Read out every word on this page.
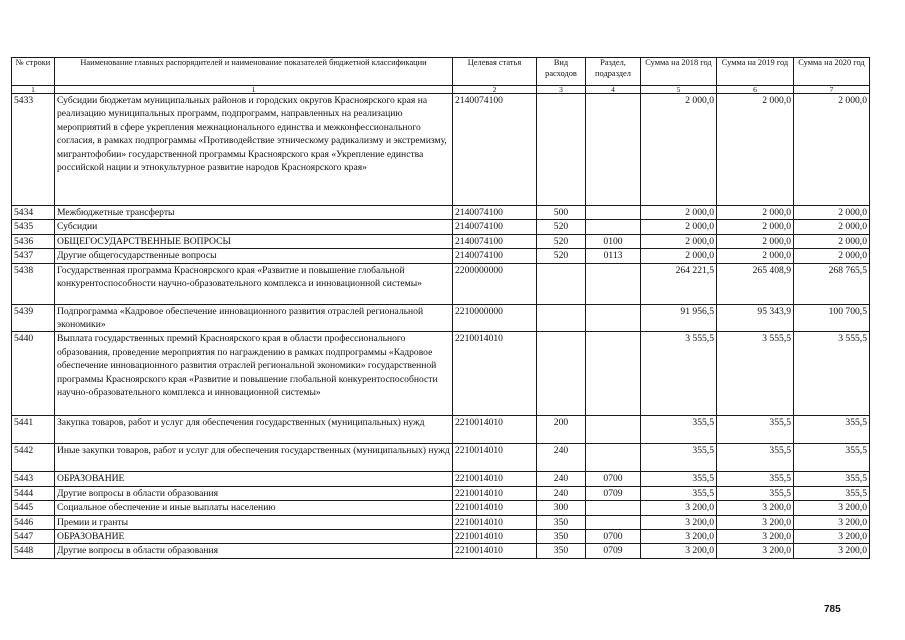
№ строки	Наименование главных распорядителей и наименование показателей бюджетной классификации	Целевая статья	Вид расходов	Раздел, подраздел	Сумма на 2018 год	Сумма на 2019 год	Сумма на 2020 год
1	1	2	3	4	5	6	7
5433	Субсидии бюджетам муниципальных районов и городских округов Красноярского края на реализацию муниципальных программ, подпрограмм, направленных на реализацию мероприятий в сфере укрепления межнационального единства и межконфессионального согласия, в рамках подпрограммы «Противодействие этническому радикализму и экстремизму, мигрантофобии» государственной программы Красноярского края «Укрепление единства российской нации и этнокультурное развитие народов Красноярского края»	2140074100			2 000,0	2 000,0	2 000,0
5434	Межбюджетные трансферты	2140074100	500		2 000,0	2 000,0	2 000,0
5435	Субсидии	2140074100	520		2 000,0	2 000,0	2 000,0
5436	ОБЩЕГОСУДАРСТВЕННЫЕ ВОПРОСЫ	2140074100	520	0100	2 000,0	2 000,0	2 000,0
5437	Другие общегосударственные вопросы	2140074100	520	0113	2 000,0	2 000,0	2 000,0
5438	Государственная программа Красноярского края «Развитие и повышение глобальной конкурентоспособности научно-образовательного комплекса и инновационной системы»	2200000000			264 221,5	265 408,9	268 765,5
5439	Подпрограмма «Кадровое обеспечение инновационного развития отраслей региональной экономики»	2210000000			91 956,5	95 343,9	100 700,5
5440	Выплата государственных премий Красноярского края в области профессионального образования, проведение мероприятия по награждению в рамках подпрограммы «Кадровое обеспечение инновационного развития отраслей региональной экономики» государственной программы Красноярского края «Развитие и повышение глобальной конкурентоспособности научно-образовательного комплекса и инновационной системы»	2210014010			3 555,5	3 555,5	3 555,5
5441	Закупка товаров, работ и услуг для обеспечения государственных (муниципальных) нужд	2210014010	200		355,5	355,5	355,5
5442	Иные закупки товаров, работ и услуг для обеспечения государственных (муниципальных) нужд	2210014010	240		355,5	355,5	355,5
5443	ОБРАЗОВАНИЕ	2210014010	240	0700	355,5	355,5	355,5
5444	Другие вопросы в области образования	2210014010	240	0709	355,5	355,5	355,5
5445	Социальное обеспечение и иные выплаты населению	2210014010	300		3 200,0	3 200,0	3 200,0
5446	Премии и гранты	2210014010	350		3 200,0	3 200,0	3 200,0
5447	ОБРАЗОВАНИЕ	2210014010	350	0700	3 200,0	3 200,0	3 200,0
5448	Другие вопросы в области образования	2210014010	350	0709	3 200,0	3 200,0	3 200,0
785
